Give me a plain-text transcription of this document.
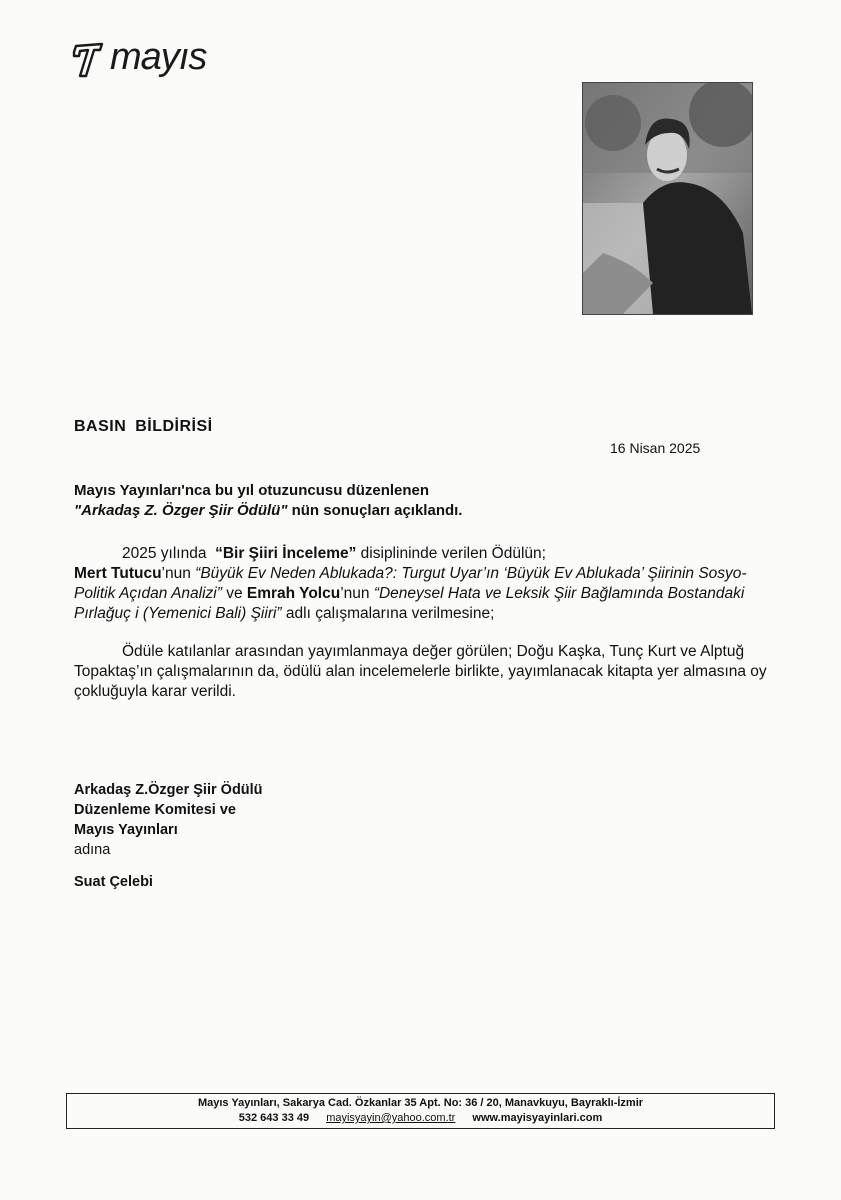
mayıs
BASIN BİLDİRİSİ
16 Nisan 2025
Mayıs Yayınları'nca bu yıl otuzuncusu düzenlenen
"Arkadaş Z. Özger Şiir Ödülü" nün sonuçları açıklandı.
2025 yılında “Bir Şiiri İnceleme” disiplininde verilen Ödülün;
Mert Tutucu’nun “Büyük Ev Neden Ablukada?: Turgut Uyar’ın ‘Büyük Ev Ablukada’ Şiirinin Sosyo-Politik Açıdan Analizi” ve Emrah Yolcu’nun “Deneysel Hata ve Leksik Şiir Bağlamında Bostandaki Pırlağuç i (Yemenici Bali) Şiiri” adlı çalışmalarına verilmesine;
Ödüle katılanlar arasından yayımlanmaya değer görülen; Doğu Kaşka, Tunç Kurt ve Alptuğ Topaktaş’ın çalışmalarının da, ödülü alan incelemelerle birlikte, yayımlanacak kitapta yer almasına oy çokluğuyla karar verildi.
Arkadaş Z.Özger Şiir Ödülü
Düzenleme Komitesi ve
Mayıs Yayınları
adına
Suat Çelebi
Mayıs Yayınları, Sakarya Cad. Özkanlar 35 Apt. No: 36 / 20, Manavkuyu, Bayraklı-İzmir
532 643 33 49 mayisyayin@yahoo.com.tr www.mayisyayinlari.com
